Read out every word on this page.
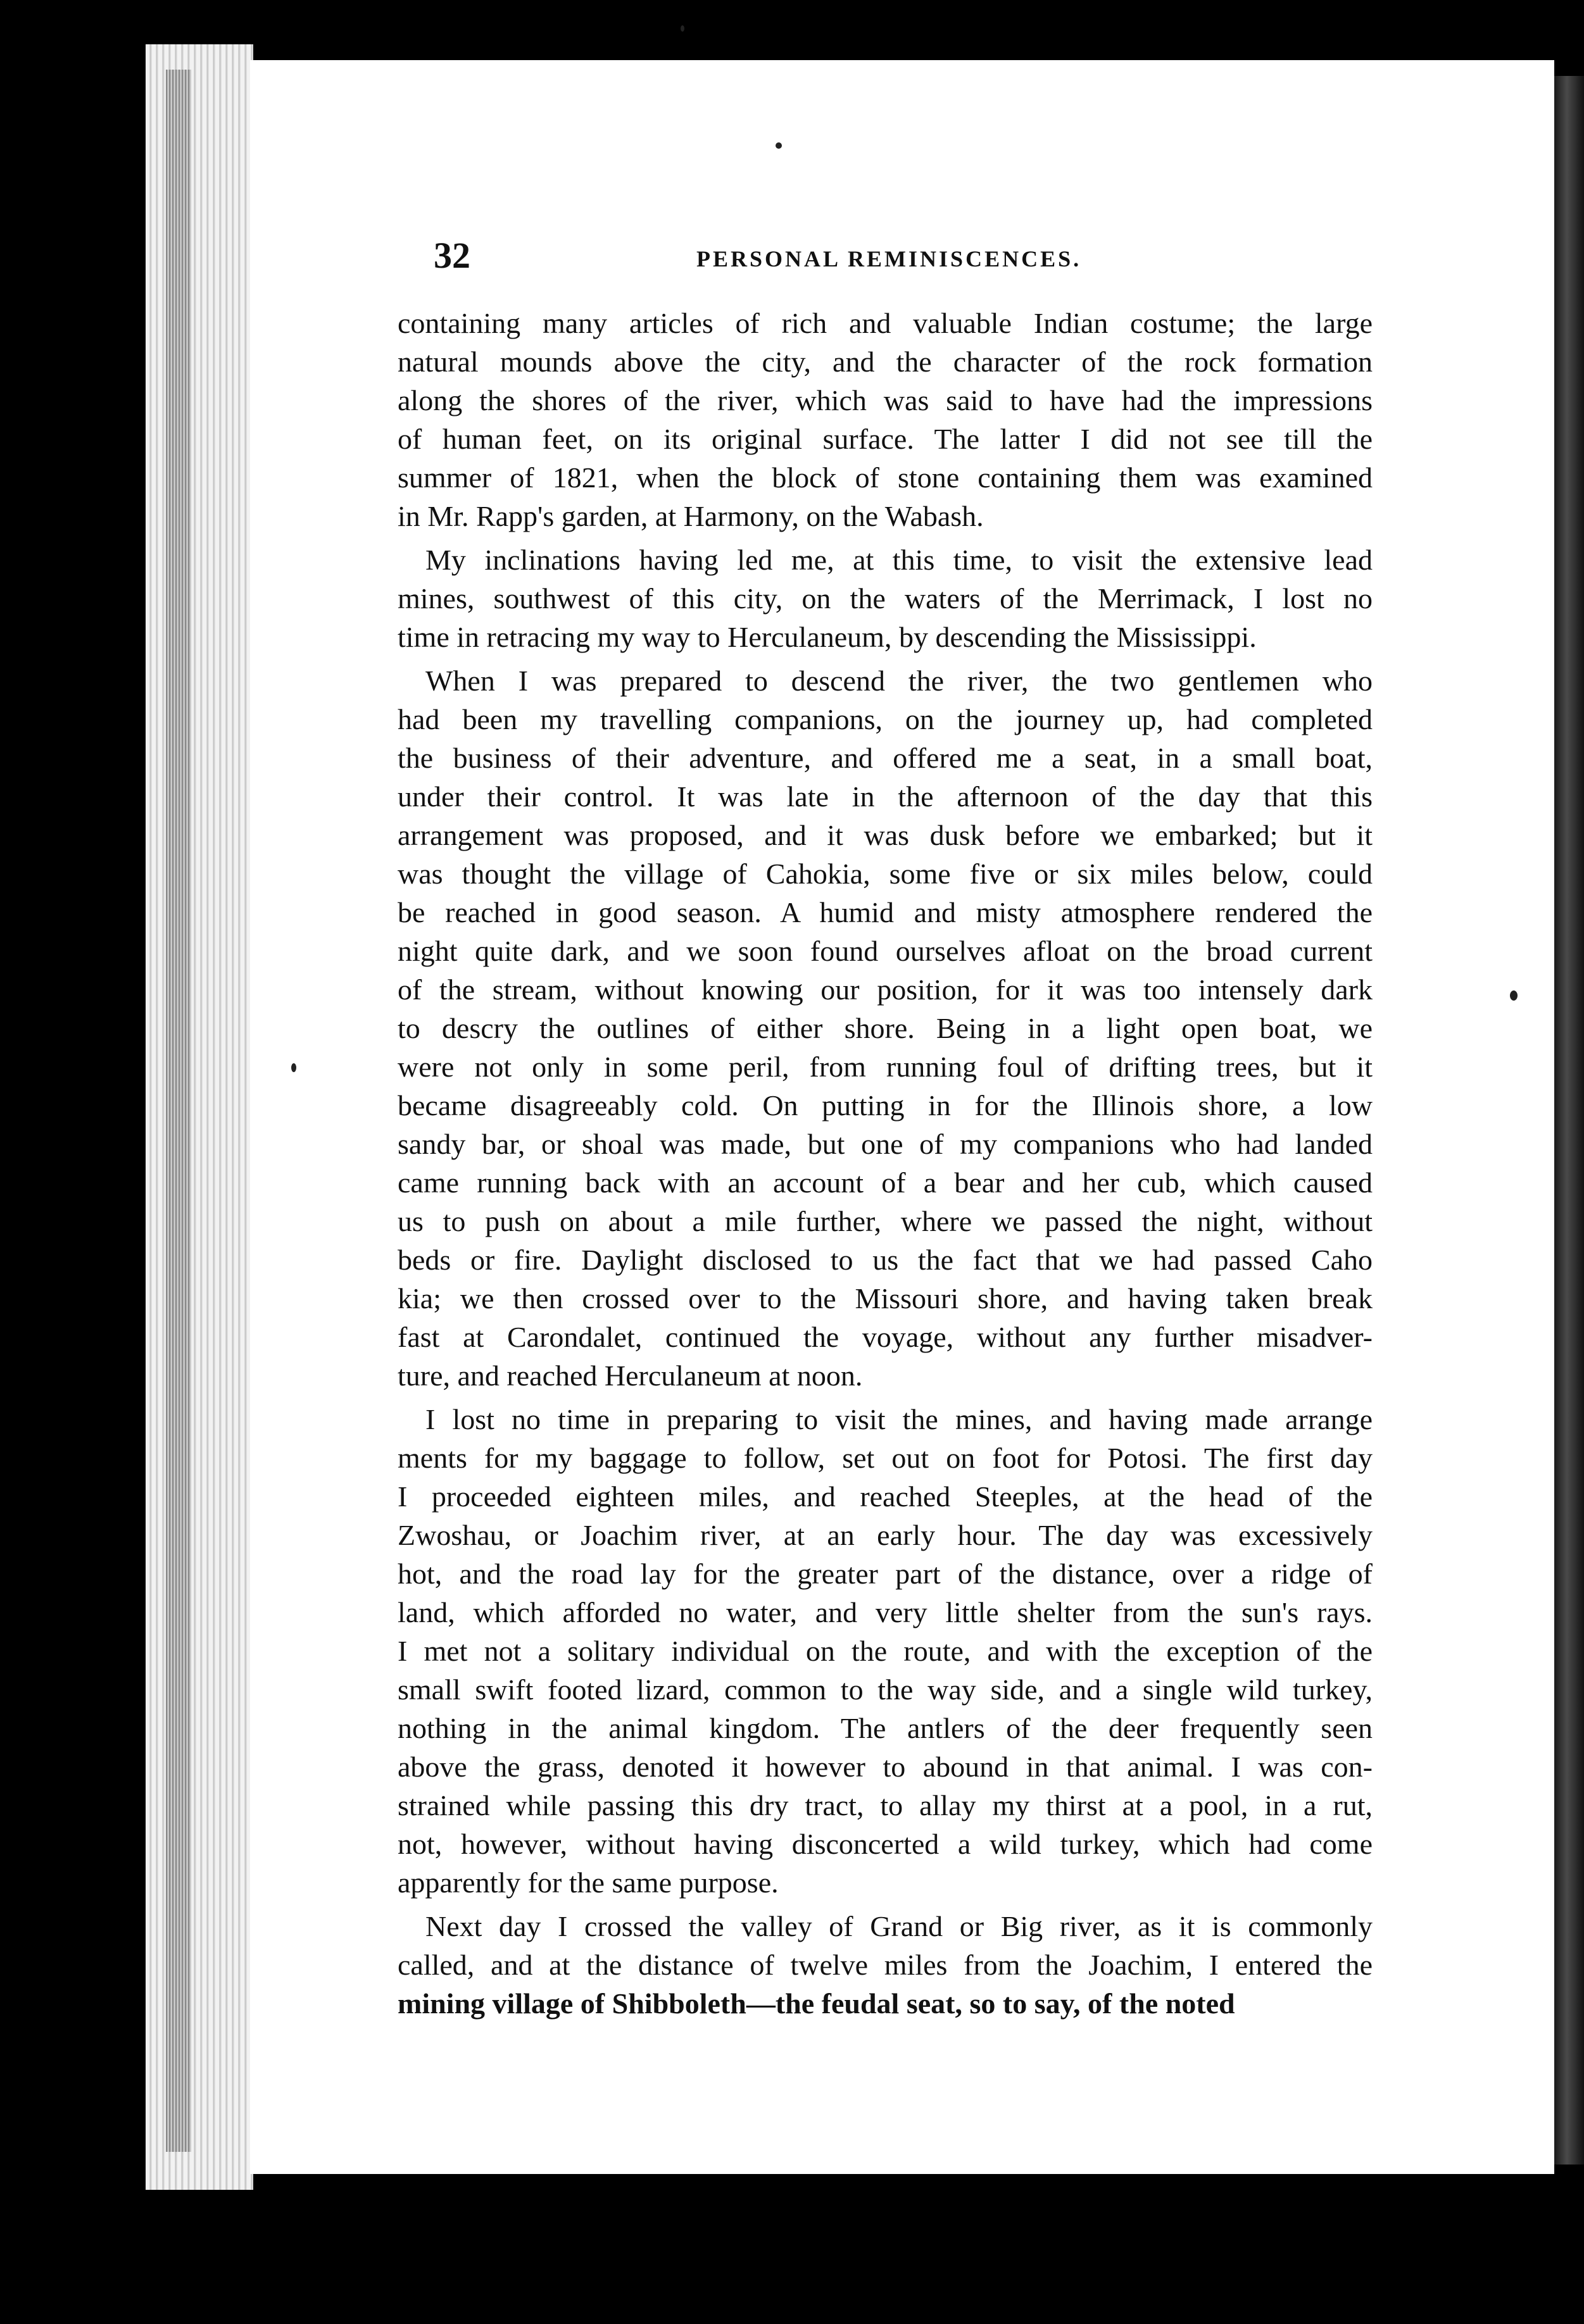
32	PERSONAL REMINISCENCES.

containing many articles of rich and valuable Indian costume; the large
natural mounds above the city, and the character of the rock formation
along the shores of the river, which was said to have had the impressions
of human feet, on its original surface. The latter I did not see till the
summer of 1821, when the block of stone containing them was examined
in Mr. Rapp's garden, at Harmony, on the Wabash.

My inclinations having led me, at this time, to visit the extensive lead
mines, southwest of this city, on the waters of the Merrimack, I lost no
time in retracing my way to Herculaneum, by descending the Mississippi.

When I was prepared to descend the river, the two gentlemen who
had been my travelling companions, on the journey up, had completed
the business of their adventure, and offered me a seat, in a small boat,
under their control. It was late in the afternoon of the day that this
arrangement was proposed, and it was dusk before we embarked; but it
was thought the village of Cahokia, some five or six miles below, could
be reached in good season. A humid and misty atmosphere rendered the
night quite dark, and we soon found ourselves afloat on the broad current
of the stream, without knowing our position, for it was too intensely dark
to descry the outlines of either shore. Being in a light open boat, we
were not only in some peril, from running foul of drifting trees, but it
became disagreeably cold. On putting in for the Illinois shore, a low
sandy bar, or shoal was made, but one of my companions who had landed
came running back with an account of a bear and her cub, which caused
us to push on about a mile further, where we passed the night, without
beds or fire. Daylight disclosed to us the fact that we had passed Caho
kia; we then crossed over to the Missouri shore, and having taken break
fast at Carondalet, continued the voyage, without any further misadver-
ture, and reached Herculaneum at noon.

I lost no time in preparing to visit the mines, and having made arrange
ments for my baggage to follow, set out on foot for Potosi. The first day
I proceeded eighteen miles, and reached Steeples, at the head of the
Zwoshau, or Joachim river, at an early hour. The day was excessively
hot, and the road lay for the greater part of the distance, over a ridge of
land, which afforded no water, and very little shelter from the sun's rays.
I met not a solitary individual on the route, and with the exception of the
small swift footed lizard, common to the way side, and a single wild turkey,
nothing in the animal kingdom. The antlers of the deer frequently seen
above the grass, denoted it however to abound in that animal. I was con-
strained while passing this dry tract, to allay my thirst at a pool, in a rut,
not, however, without having disconcerted a wild turkey, which had come
apparently for the same purpose.

Next day I crossed the valley of Grand or Big river, as it is commonly
called, and at the distance of twelve miles from the Joachim, I entered the
mining village of Shibboleth—the feudal seat, so to say, of the noted
